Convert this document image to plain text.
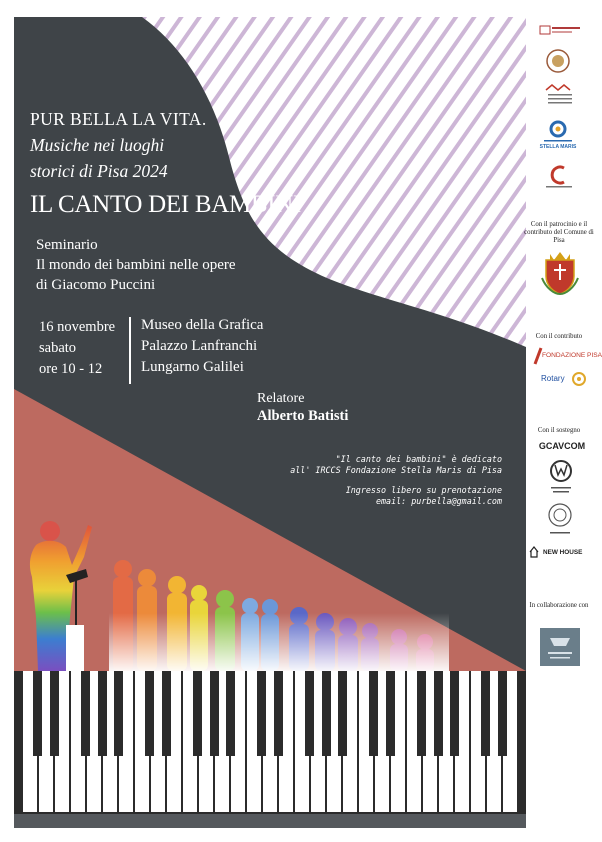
PUR BELLA LA VITA.
Musiche nei luoghi
storici di Pisa 2024
IL CANTO DEI BAMBINI
Seminario
Il mondo dei bambini nelle opere
di Giacomo Puccini
16 novembre
sabato
ore 10 - 12
Museo della Grafica
Palazzo Lanfranchi
Lungarno Galilei
Relatore
Alberto Batisti
"Il canto dei bambini" è dedicato
all' IRCCS Fondazione Stella Maris di Pisa
Ingresso libero su prenotazione
email: purbella@gmail.com
STELLA MARIS
Con il patrocinio e il contributo del Comune di Pisa
Con il contributo
FONDAZIONE PISA
Rotary
Con il sostegno
GCAVCOM
NEW HOUSE
In collaborazione con
